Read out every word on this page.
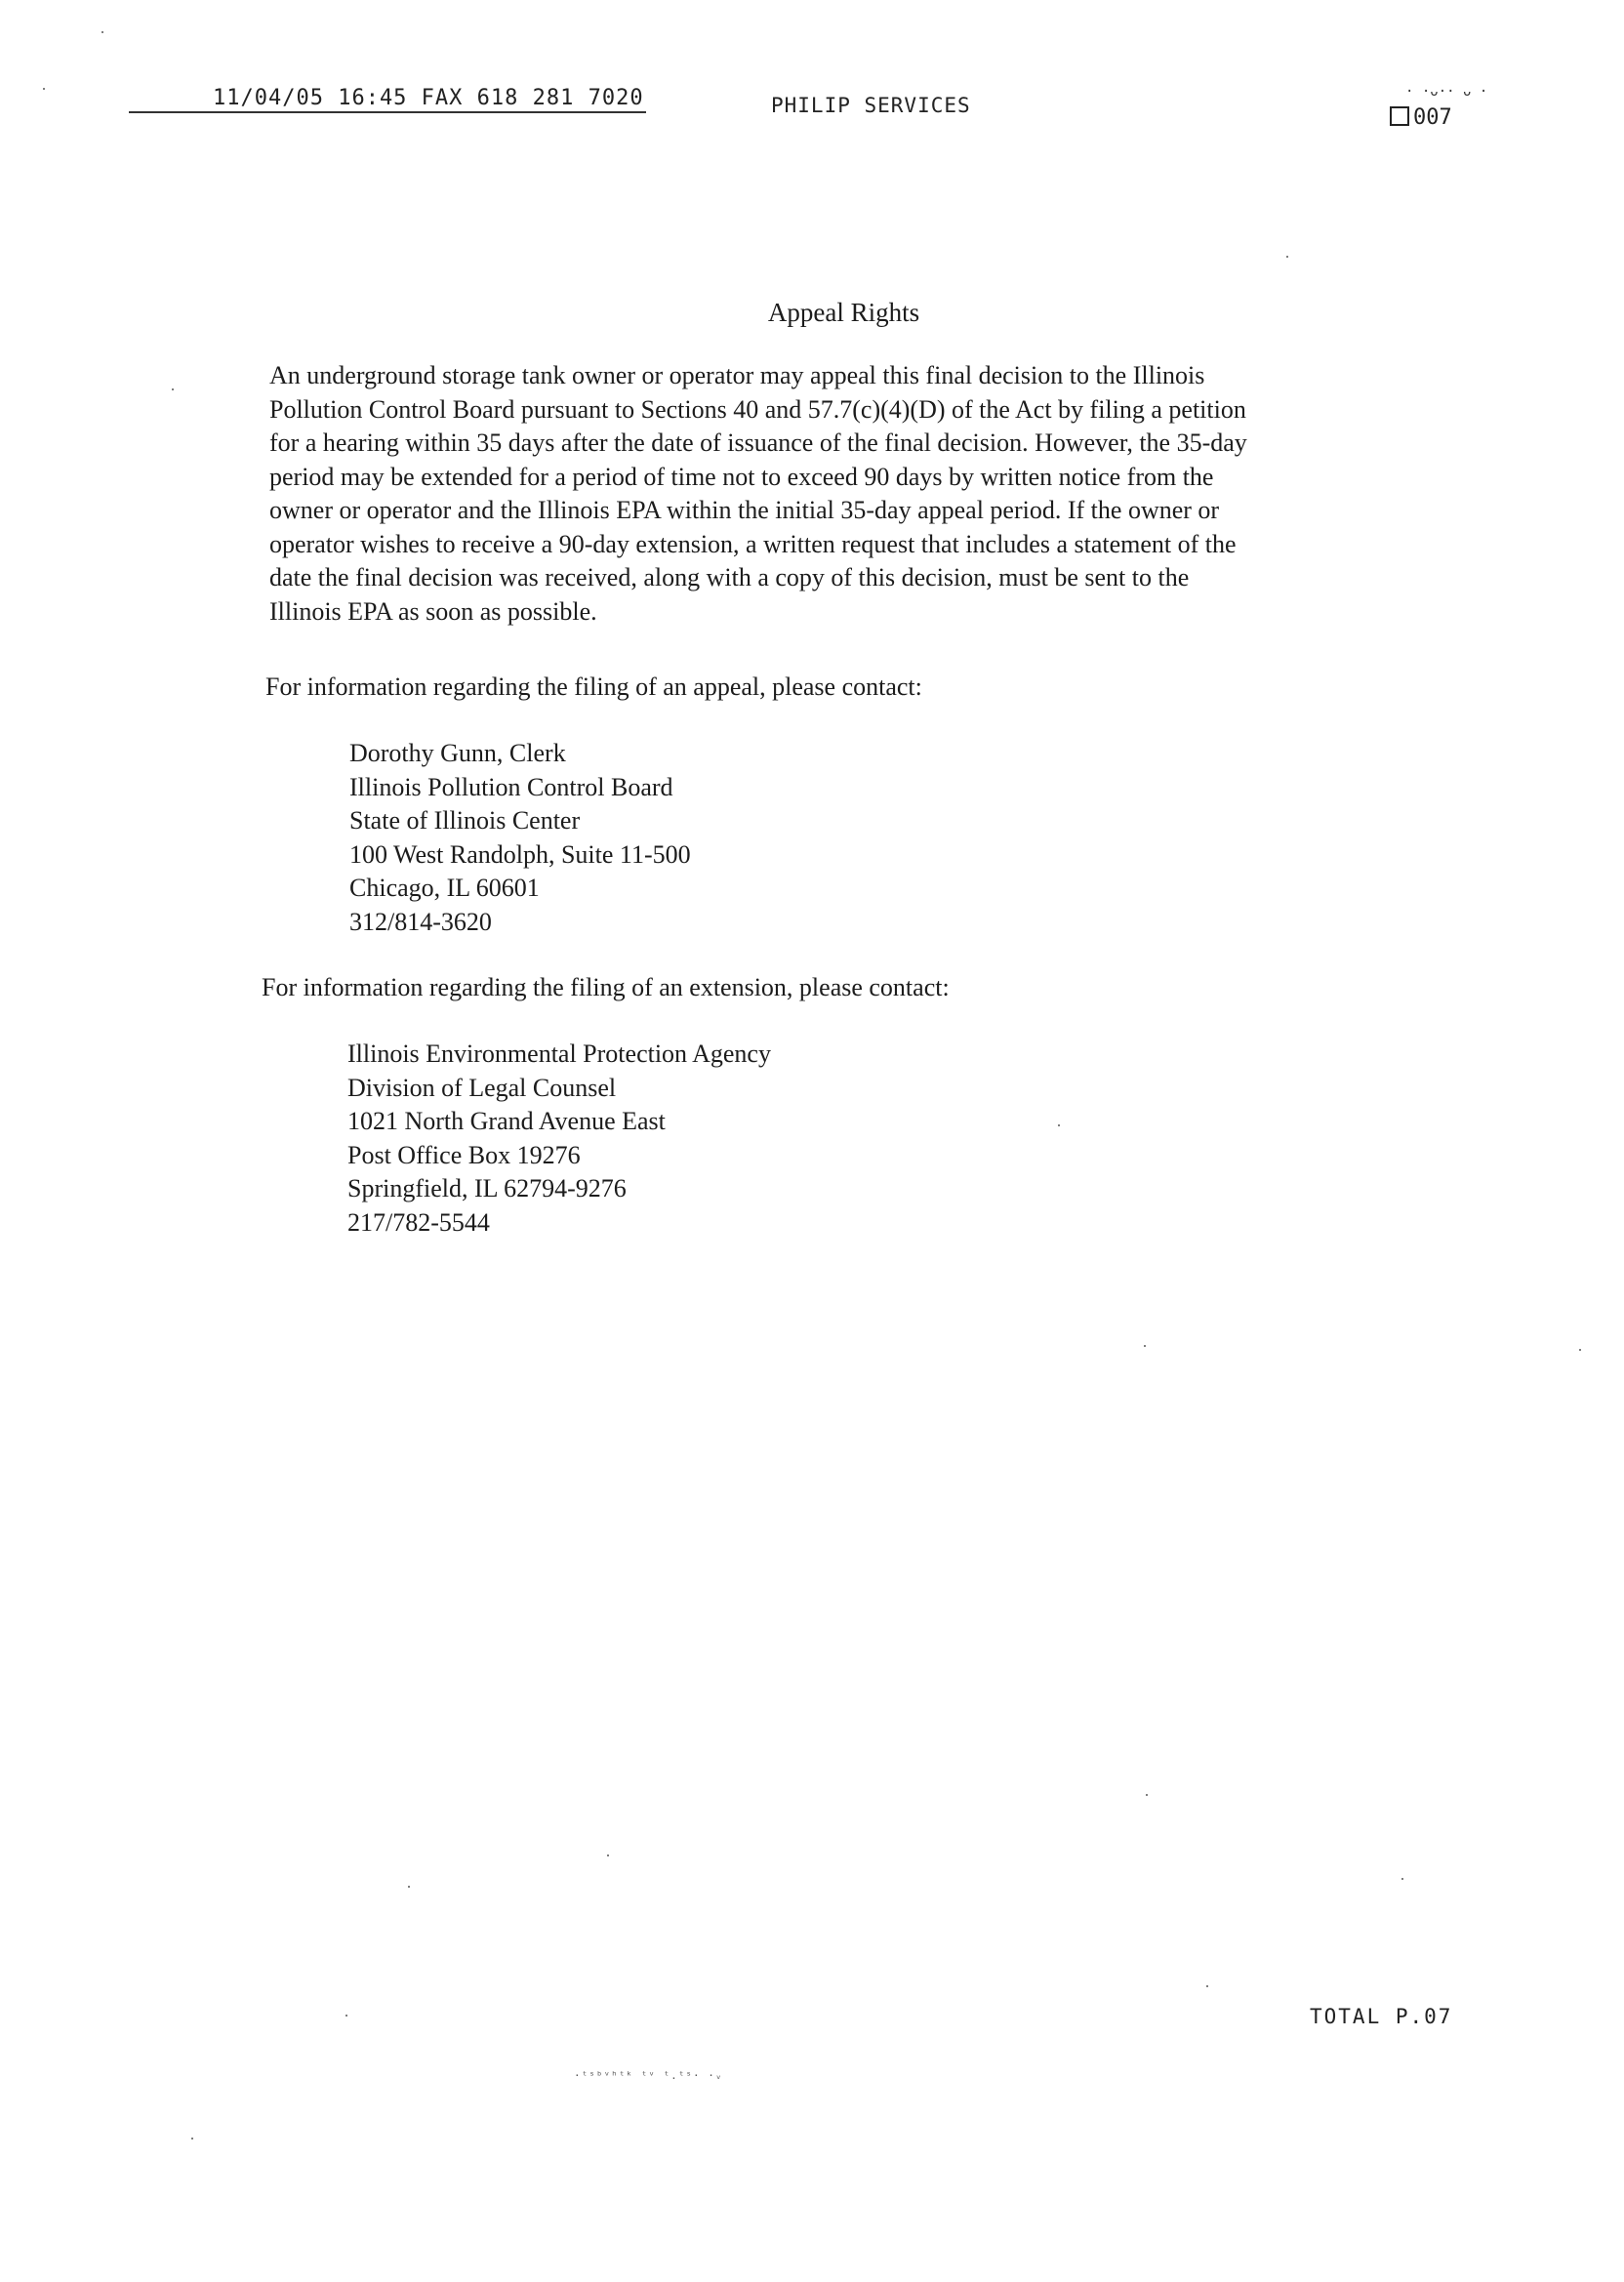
11/04/05 16:45 FAX 618 281 7020	PHILIP SERVICES
· ·ᴗ·· ᴗ ·
007
Appeal Rights
An underground storage tank owner or operator may appeal this final decision to the Illinois
Pollution Control Board pursuant to Sections 40 and 57.7(c)(4)(D) of the Act by filing a petition
for a hearing within 35 days after the date of issuance of the final decision. However, the 35-day
period may be extended for a period of time not to exceed 90 days by written notice from the
owner or operator and the Illinois EPA within the initial 35-day appeal period. If the owner or
operator wishes to receive a 90-day extension, a written request that includes a statement of the
date the final decision was received, along with a copy of this decision, must be sent to the
Illinois EPA as soon as possible.
For information regarding the filing of an appeal, please contact:
Dorothy Gunn, Clerk
Illinois Pollution Control Board
State of Illinois Center
100 West Randolph, Suite 11-500
Chicago, IL 60601
312/814-3620
For information regarding the filing of an extension, please contact:
Illinois Environmental Protection Agency
Division of Legal Counsel
1021 North Grand Avenue East
Post Office Box 19276
Springfield, IL 62794-9276
217/782-5544
TOTAL P.07
·ᵗˢᵇᵛʰᵗᵏ ᵗᵛ ᵗ.ᵗˢ· ·ᵥ
